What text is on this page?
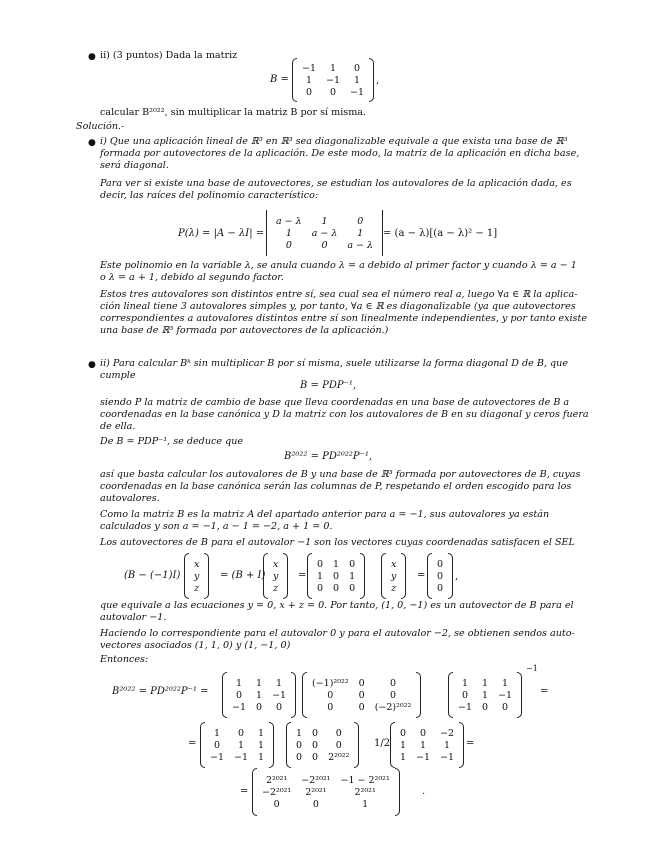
● ii) (3 puntos) Dada la matriz
B =
−1	1	0
1	−1	1
0	0	−1
,
calcular B²⁰²², sin multiplicar la matriz B por sí misma.
Solución.-
● i) Que una aplicación lineal de ℝ³ en ℝ³ sea diagonalizable equivale a que exista una base de ℝ³
formada por autovectores de la aplicación. De este modo, la matriz de la aplicación en dicha base,
será diagonal.
Para ver si existe una base de autovectores, se estudian los autovalores de la aplicación dada, es
decir, las raíces del polinomio característico:
P(λ) = |A − λI| =
a − λ	1	0
1	a − λ	1
0	0	a − λ
= (a − λ)[(a − λ)² − 1]
Este polinomio en la variable λ, se anula cuando λ = a debido al primer factor y cuando λ = a − 1
o λ = a + 1, debido al segundo factor.
Estos tres autovalores son distintos entre sí, sea cual sea el número real a, luego ∀a ∈ ℝ la aplica-
ción lineal tiene 3 autovalores simples y, por tanto, ∀a ∈ ℝ es diagonalizable (ya que autovectores
correspondientes a autovalores distintos entre sí son linealmente independientes, y por tanto existe
una base de ℝ³ formada por autovectores de la aplicación.)
● ii) Para calcular Bᵏ sin multiplicar B por sí misma, suele utilizarse la forma diagonal D de B, que
cumple
B = PDP⁻¹,
siendo P la matriz de cambio de base que lleva coordenadas en una base de autovectores de B a
coordenadas en la base canónica y D la matriz con los autovalores de B en su diagonal y ceros fuera
de ella.
De B = PDP⁻¹, se deduce que
B²⁰²² = PD²⁰²²P⁻¹,
así que basta calcular los autovalores de B y una base de ℝ³ formada por autovectores de B, cuyas
coordenadas en la base canónica serán las columnas de P, respetando el orden escogido para los
autovalores.
Como la matriz B es la matriz A del apartado anterior para a = −1, sus autovalores ya están
calculados y son a = −1, a − 1 = −2, a + 1 = 0.
Los autovectores de B para el autovalor −1 son los vectores cuyas coordenadas satisfacen el SEL
(B − (−1)I)
x
y
z
= (B + I)
x
y
z
=
0	1	0
1	0	1
0	0	0
x
y
z
=
0
0
0
,
que equivale a las ecuaciones y = 0, x + z = 0. Por tanto, (1, 0, −1) es un autovector de B para el
autovalor −1.
Haciendo lo correspondiente para el autovalor 0 y para el autovalor −2, se obtienen sendos auto-
vectores asociados (1, 1, 0) y (1, −1, 0)
Entonces:
B²⁰²² = PD²⁰²²P⁻¹ =
1	1	1
0	1	−1
−1	0	0
(−1)²⁰²²	0	0
0	0	0
0	0	(−2)²⁰²²
1	1	1
0	1	−1
−1	0	0
−1
=
=
1	0	1
0	1	1
−1	−1	1
1	0	0
0	0	0
0	0	2²⁰²²
1/2
0	0	−2
1	1	1
1	−1	−1
=
=
2²⁰²¹	−2²⁰²¹	−1 − 2²⁰²¹
−2²⁰²¹	2²⁰²¹	2²⁰²¹
0	0	1
.
